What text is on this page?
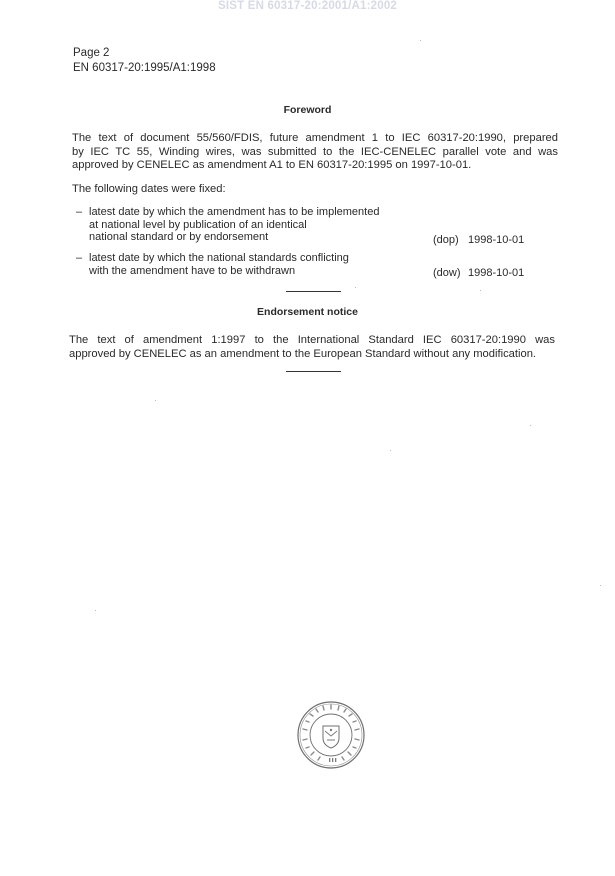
SIST EN 60317-20:2001/A1:2002
Page 2
EN 60317-20:1995/A1:1998
Foreword
The text of document 55/560/FDIS, future amendment 1 to IEC 60317-20:1990, prepared
by IEC TC 55, Winding wires, was submitted to the IEC-CENELEC parallel vote and was
approved by CENELEC as amendment A1 to EN 60317-20:1995 on 1997-10-01.
The following dates were fixed:
– latest date by which the amendment has to be implemented
at national level by publication of an identical
national standard or by endorsement	(dop) 1998-10-01
– latest date by which the national standards conflicting
with the amendment have to be withdrawn	(dow) 1998-10-01
Endorsement notice
The text of amendment 1:1997 to the International Standard IEC 60317-20:1990 was
approved by CENELEC as an amendment to the European Standard without any modification.
